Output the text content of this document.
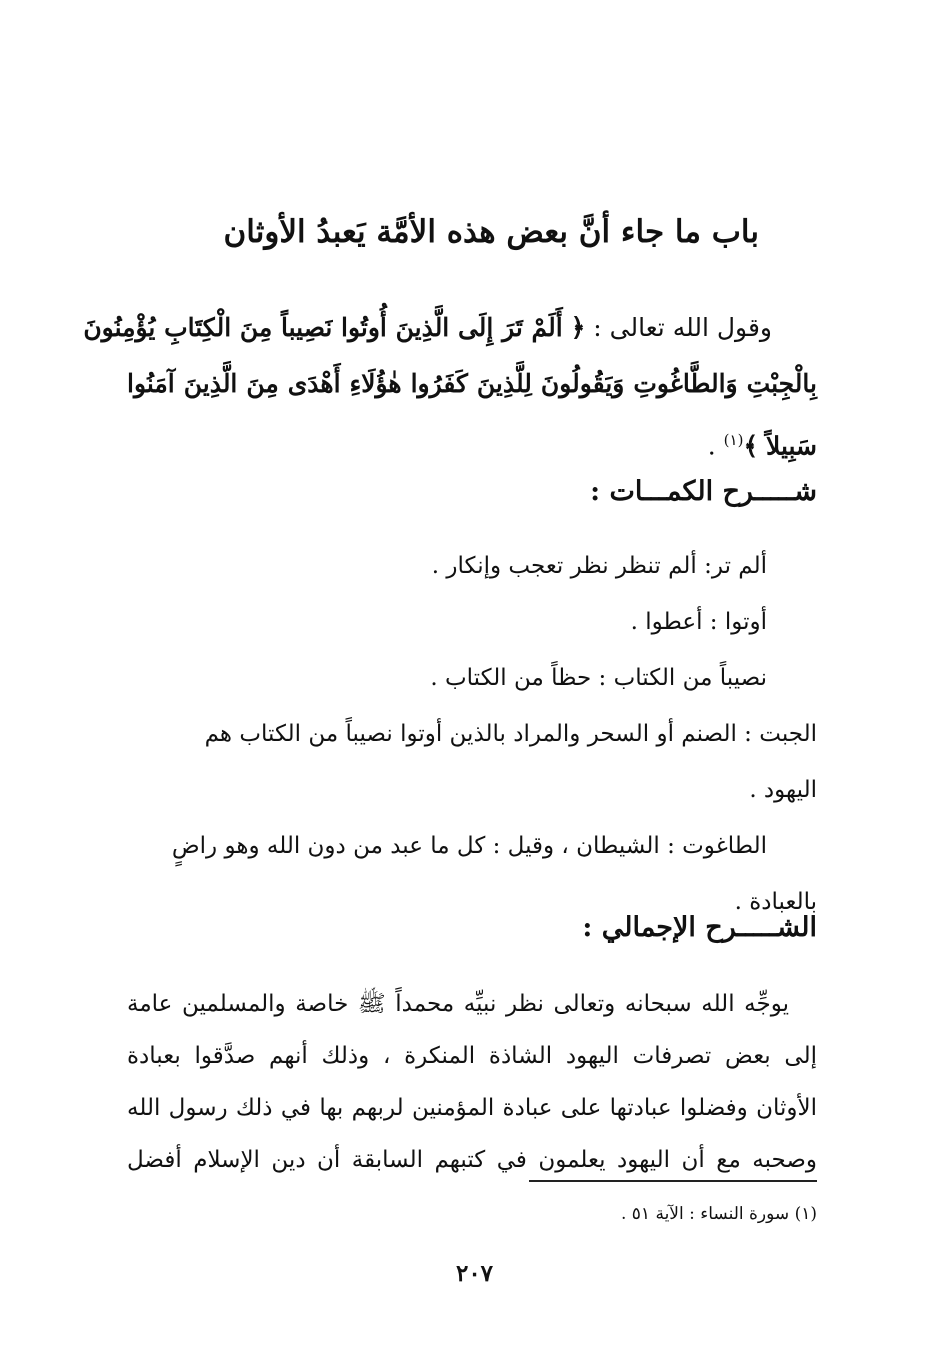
باب ما جاء أنَّ بعض هذه الأمَّة يَعبدُ الأوثان
وقول الله تعالى : ﴿ أَلَمْ تَرَ إِلَى الَّذِينَ أُوتُوا نَصِيباً مِنَ الْكِتَابِ يُؤْمِنُونَ
بِالْجِبْتِ وَالطَّاغُوتِ وَيَقُولُونَ لِلَّذِينَ كَفَرُوا هٰؤُلَاءِ أَهْدَى مِنَ الَّذِينَ آمَنُوا
سَبِيلاً ﴾$^{(١)}$ .
شـــــرح الكمـــات :
ألم تر: ألم تنظر نظر تعجب وإنكار .
أوتوا : أعطوا .
نصيباً من الكتاب : حظاً من الكتاب .
الجبت : الصنم أو السحر والمراد بالذين أوتوا نصيباً من الكتاب هم
اليهود .
الطاغوت : الشيطان ، وقيل : كل ما عبد من دون الله وهو راضٍ
بالعبادة .
الشـــــرح الإجمالي :
يوجِّه الله سبحانه وتعالى نظر نبيِّه محمداً ﷺ خاصة والمسلمين عامة
إلى بعض تصرفات اليهود الشاذة المنكرة ، وذلك أنهم صدَّقوا بعبادة
الأوثان وفضلوا عبادتها على عبادة المؤمنين لربهم بها في ذلك رسول الله
وصحبه مع أن اليهود يعلمون في كتبهم السابقة أن دين الإسلام أفضل
(١) سورة النساء : الآية ٥١ .
٢٠٧
